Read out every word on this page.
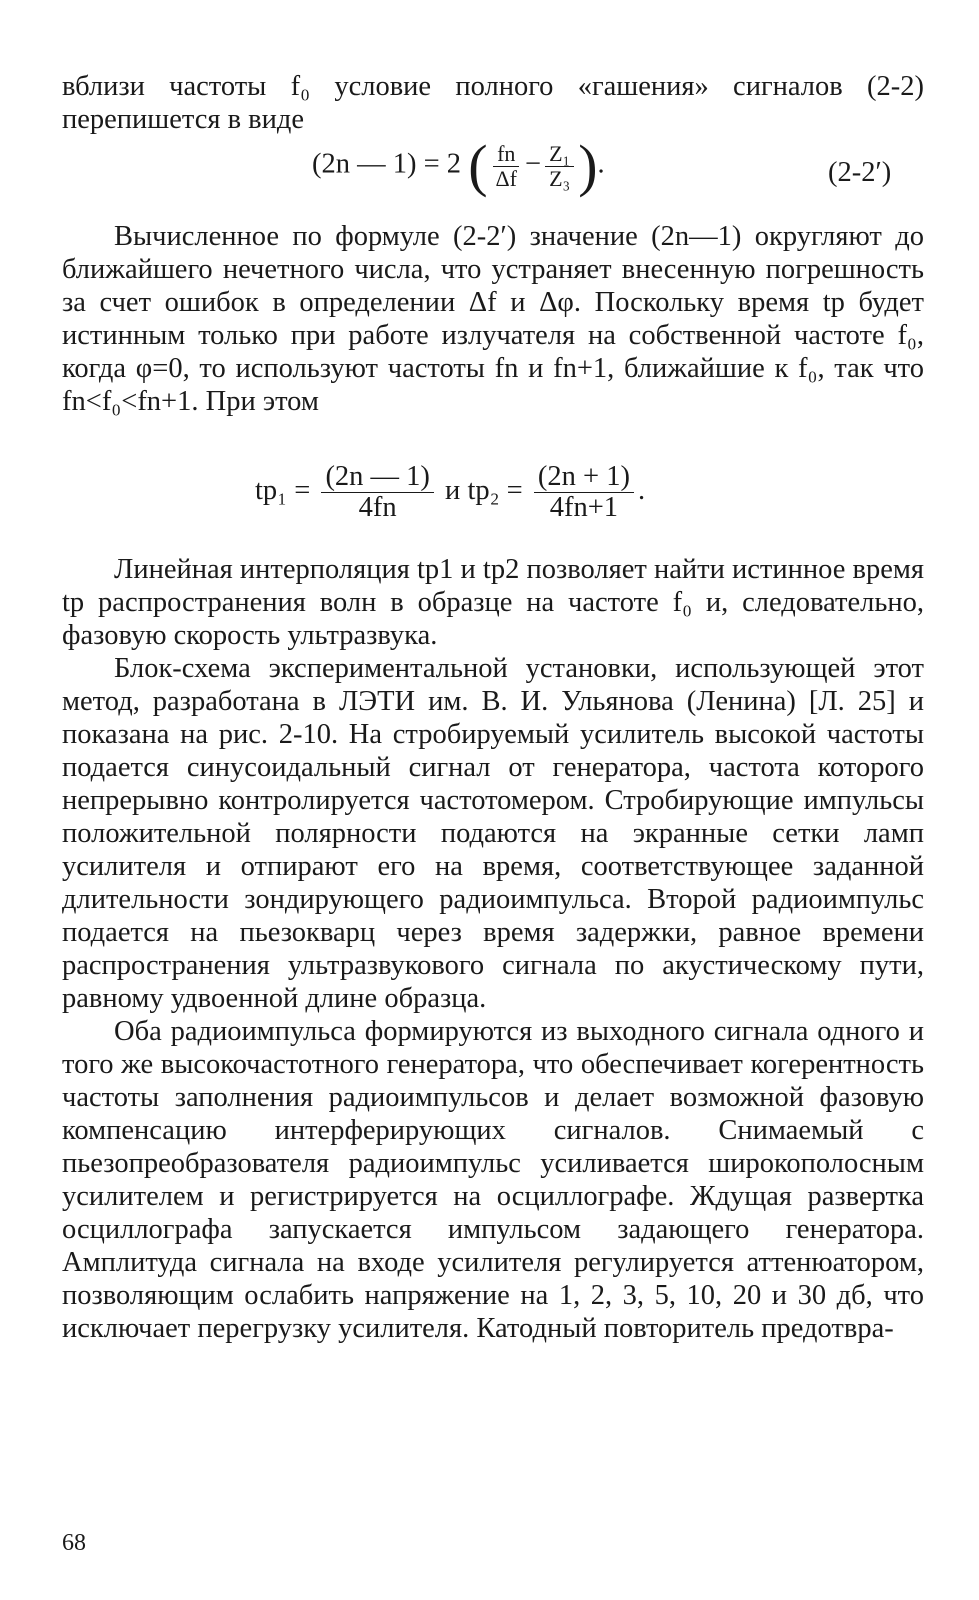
вблизи частоты f₀ условие полного «гашения» сигналов (2-2) перепишется в виде

(2n — 1) = 2 ( $\frac{fn}{\Delta f} - \frac{\text{Z₁}}{\text{Z₃}}$ ).	(2-2′)

Вычисленное по формуле (2-2′) значение (2n—1) округляют до ближайшего нечетного числа, что устраняет внесенную погрешность за счет ошибок в определении Δf и Δφ. Поскольку время tр будет истинным только при работе излучателя на собственной частоте f₀, когда φ=0, то используют частоты fn и fn+1, ближайшие к f₀, так что fn<f₀<fn+1. При этом

$tр_1 = \frac{(2n — 1)}{4fn}$ и $tр_2 = \frac{(2n + 1)}{4fn+1}$ .

Линейная интерполяция tр1 и tр2 позволяет найти истинное время tр распространения волн в образце на частоте f₀ и, следовательно, фазовую скорость ультразвука.

Блок-схема экспериментальной установки, использующей этот метод, разработана в ЛЭТИ им. В. И. Ульянова (Ленина) [Л. 25] и показана на рис. 2-10. На стробируемый усилитель высокой частоты подается синусоидальный сигнал от генератора, частота которого непрерывно контролируется частотомером. Стробирующие импульсы положительной полярности подаются на экранные сетки ламп усилителя и отпирают его на время, соответствующее заданной длительности зондирующего радиоимпульса. Второй радиоимпульс подается на пьезокварц через время задержки, равное времени распространения ультразвукового сигнала по акустическому пути, равному удвоенной длине образца.

Оба радиоимпульса формируются из выходного сигнала одного и того же высокочастотного генератора, что обеспечивает когерентность частоты заполнения радиоимпульсов и делает возможной фазовую компенсацию интерферирующих сигналов. Снимаемый с пьезопреобразователя радиоимпульс усиливается широкополосным усилителем и регистрируется на осциллографе. Ждущая развертка осциллографа запускается импульсом задающего генератора. Амплитуда сигнала на входе усилителя регулируется аттенюатором, позволяющим ослабить напряжение на 1, 2, 3, 5, 10, 20 и 30 дб, что исключает перегрузку усилителя. Катодный повторитель предотвра-

68
